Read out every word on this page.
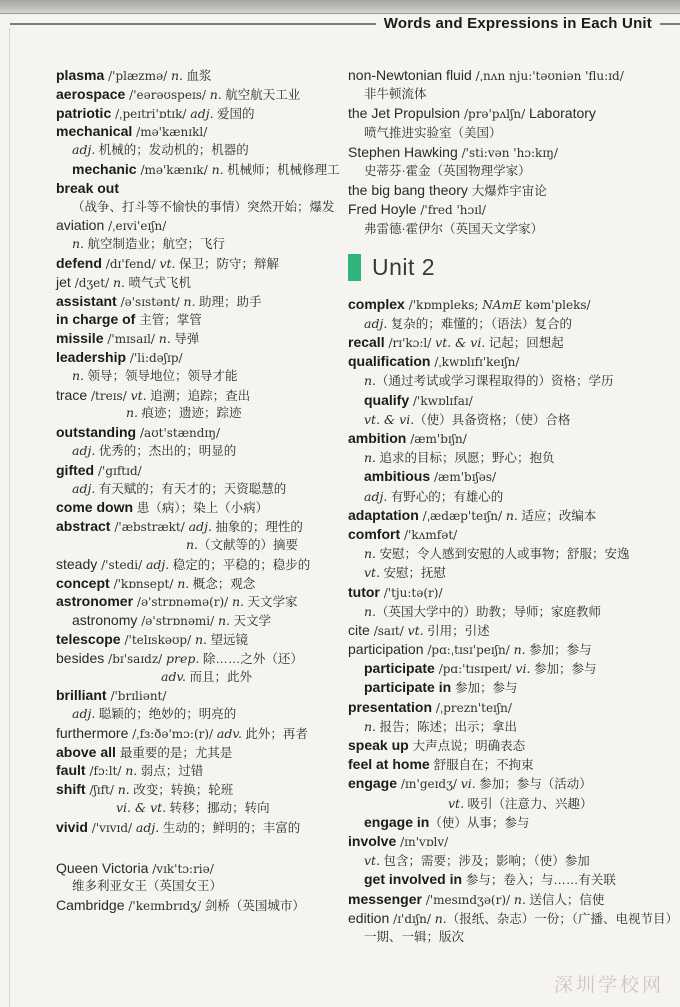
Words and Expressions in Each Unit
plasma /'plæzmə/ n. 血浆
aerospace /'eərəʊspeɪs/ n. 航空航天工业
patriotic /ˌpeɪtri'ɒtɪk/ adj. 爱国的
mechanical /mə'kænɪkl/
adj. 机械的；发动机的；机器的
mechanic /mə'kænɪk/ n. 机械师；机械修理工
break out
（战争、打斗等不愉快的事情）突然开始；爆发
aviation /ˌeɪvi'eɪʃn/
n. 航空制造业；航空；飞行
defend /dɪ'fend/ vt. 保卫；防守；辩解
jet /dʒet/ n. 喷气式飞机
assistant /ə'sɪstənt/ n. 助理；助手
in charge of 主管；掌管
missile /'mɪsaɪl/ n. 导弹
leadership /'li:dəʃɪp/
n. 领导；领导地位；领导才能
trace /treɪs/ vt. 追溯；追踪；查出
n. 痕迹；遗迹；踪迹
outstanding /aʊt'stændɪŋ/
adj. 优秀的；杰出的；明显的
gifted /'gɪftɪd/
adj. 有天赋的；有天才的；天资聪慧的
come down 患（病）；染上（小病）
abstract /'æbstrækt/ adj. 抽象的；理性的
n.（文献等的）摘要
steady /'stedi/ adj. 稳定的；平稳的；稳步的
concept /'kɒnsept/ n. 概念；观念
astronomer /ə'strɒnəmə(r)/ n. 天文学家
astronomy /ə'strɒnəmi/ n. 天文学
telescope /'telɪskəʊp/ n. 望远镜
besides /bɪ'saɪdz/ prep. 除……之外（还）
adv. 而且；此外
brilliant /'brɪliənt/
adj. 聪颖的；绝妙的；明亮的
furthermore /ˌfɜ:ðə'mɔ:(r)/ adv. 此外；再者
above all 最重要的是；尤其是
fault /fɔ:lt/ n. 弱点；过错
shift /ʃɪft/ n. 改变；转换；轮班
vi. & vt. 转移；挪动；转向
vivid /'vɪvɪd/ adj. 生动的；鲜明的；丰富的
Queen Victoria /vɪk'tɔ:riə/
维多利亚女王（英国女王）
Cambridge /'keɪmbrɪdʒ/ 剑桥（英国城市）
non-Newtonian fluid /ˌnʌn nju:'təʊniən 'flu:ɪd/
非牛顿流体
the Jet Propulsion /prə'pʌlʃn/ Laboratory
喷气推进实验室（美国）
Stephen Hawking /'sti:vən 'hɔ:kɪŋ/
史蒂芬·霍金（英国物理学家）
the big bang theory 大爆炸宇宙论
Fred Hoyle /'fred 'hɔɪl/
弗雷德·霍伊尔（英国天文学家）
Unit 2
complex /'kɒmpleks; NAmE kəm'pleks/
adj. 复杂的；难懂的；（语法）复合的
recall /rɪ'kɔ:l/ vt. & vi. 记起；回想起
qualification /ˌkwɒlɪfɪ'keɪʃn/
n.（通过考试或学习课程取得的）资格；学历
qualify /'kwɒlɪfaɪ/
vt. & vi.（使）具备资格；（使）合格
ambition /æm'bɪʃn/
n. 追求的目标；夙愿；野心；抱负
ambitious /æm'bɪʃəs/
adj. 有野心的；有雄心的
adaptation /ˌædæp'teɪʃn/ n. 适应；改编本
comfort /'kʌmfət/
n. 安慰；令人感到安慰的人或事物；舒服；安逸
vt. 安慰；抚慰
tutor /'tju:tə(r)/
n.（英国大学中的）助教；导师；家庭教师
cite /saɪt/ vt. 引用；引述
participation /pɑ:ˌtɪsɪ'peɪʃn/ n. 参加；参与
participate /pɑ:'tɪsɪpeɪt/ vi. 参加；参与
participate in 参加；参与
presentation /ˌprezn'teɪʃn/
n. 报告；陈述；出示；拿出
speak up 大声点说；明确表态
feel at home 舒服自在；不拘束
engage /ɪn'geɪdʒ/ vi. 参加；参与（活动）
vt. 吸引（注意力、兴趣）
engage in（使）从事；参与
involve /ɪn'vɒlv/
vt. 包含；需要；涉及；影响；（使）参加
get involved in 参与；卷入；与……有关联
messenger /'mesɪndʒə(r)/ n. 送信人；信使
edition /ɪ'dɪʃn/ n.（报纸、杂志）一份；（广播、电视节目）
一期、一辑；版次
深圳学校网
